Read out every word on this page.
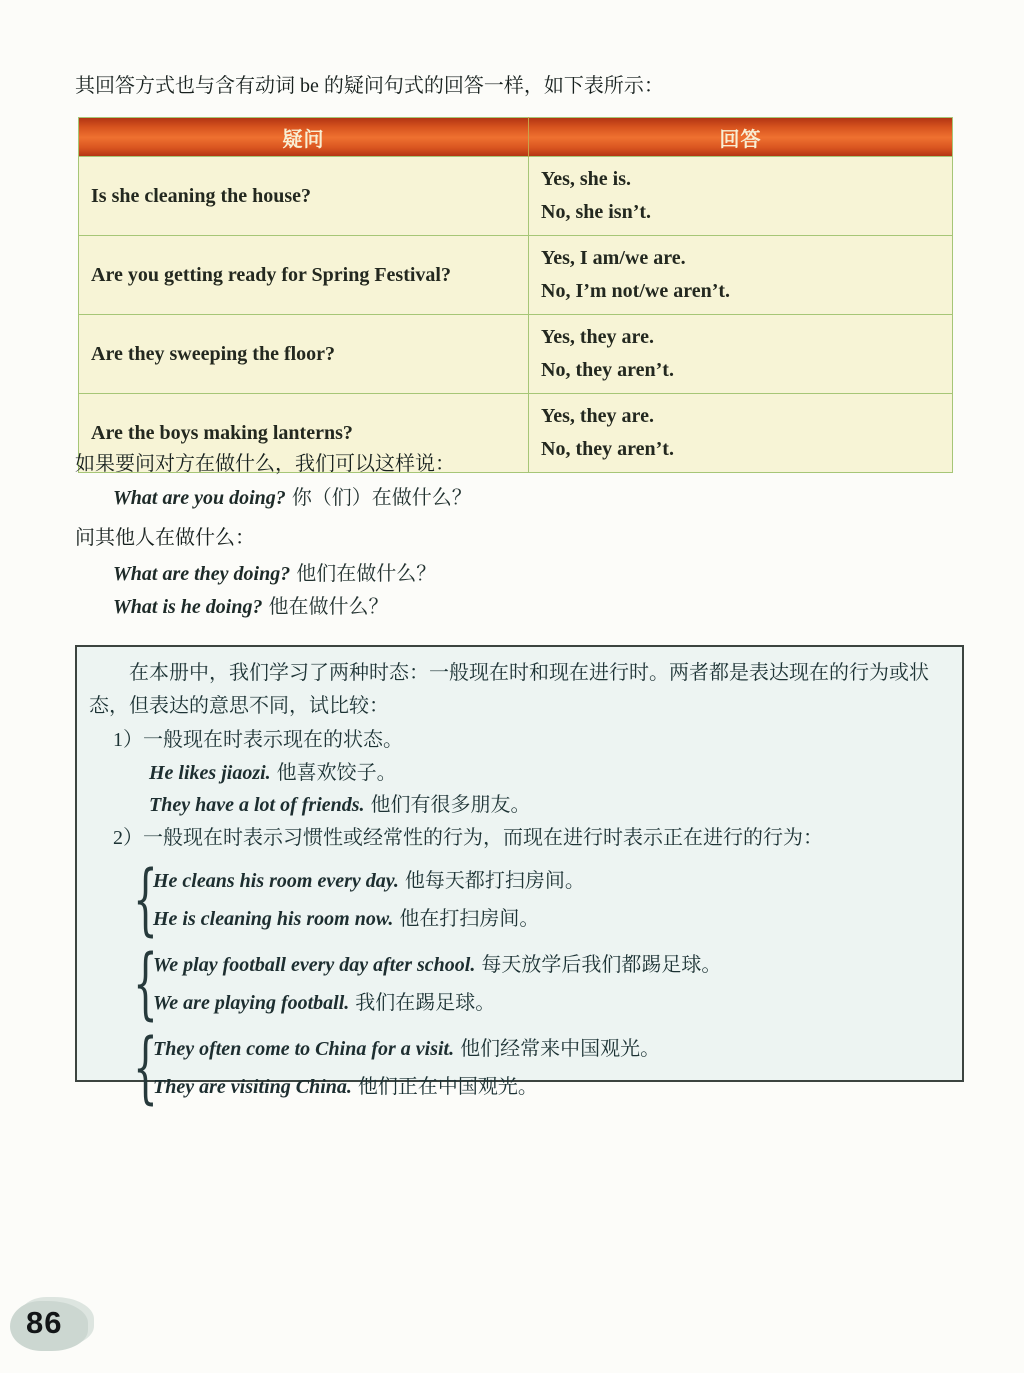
其回答方式也与含有动词 be 的疑问句式的回答一样，如下表所示：

疑问	回答
Is she cleaning the house?	Yes, she is.
No, she isn’t.

Are you getting ready for Spring Festival?	Yes, I am/we are.
No, I’m not/we aren’t.

Are they sweeping the floor?	Yes, they are.
No, they aren’t.

Are the boys making lanterns?	Yes, they are.
No, they aren’t.

如果要问对方在做什么，我们可以这样说：

What are you doing? 你（们）在做什么？

问其他人在做什么：

What are they doing? 他们在做什么？

What is he doing? 他在做什么？

在本册中，我们学习了两种时态：一般现在时和现在进行时。两者都是表达现在的行为或状态，但表达的意思不同，试比较：

1）一般现在时表示现在的状态。

He likes jiaozi. 他喜欢饺子。

They have a lot of friends. 他们有很多朋友。

2）一般现在时表示习惯性或经常性的行为，而现在进行时表示正在进行的行为：

{
He cleans his room every day. 他每天都打扫房间。
He is cleaning his room now. 他在打扫房间。
{
We play football every day after school. 每天放学后我们都踢足球。
We are playing football. 我们在踢足球。
{
They often come to China for a visit. 他们经常来中国观光。
They are visiting China. 他们正在中国观光。
86
